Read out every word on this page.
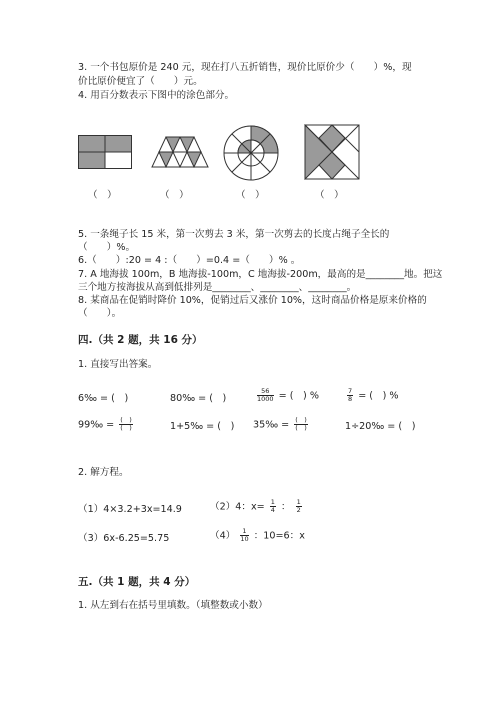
3. 一个书包原价是 240 元，现在打八五折销售，现价比原价少（　　）%，现
价比原价便宜了（　　）元。
4. 用百分数表示下图中的涂色部分。
（　）	（　）	（　）	（　）
5. 一条绳子长 15 米，第一次剪去 3 米，第一次剪去的长度占绳子全长的
（　　）%。
6.（　　）:20 = 4 :（　　）=0.4 =（　　）% 。
7. A 地海拔 100m，B 地海拔-100m，C 地海拔-200m，最高的是________地。把这
三个地方按海拔从高到低排列是________、________、________。
8. 某商品在促销时降价 10%，促销过后又涨价 10%，这时商品价格是原来价格的
（　　）。
四.（共 2 题，共 16 分）
1. 直接写出答案。
6‰ = (　)	80‰ = (　)	$\frac{56}{1000}$ = (　) %	$\frac{7}{8}$ = (　) %
99‰ = $\frac{( )}{( )}$	1+5‰ = (　) 35‰ = $\frac{( )}{( )}$	1÷20‰ = (　)
2. 解方程。
（1）4×3.2+3x=14.9	（2）4：$x= \frac{1}{4}$ ： $\frac{1}{2}$
（3）6x-6.25=5.75	$(4) \frac{1}{10}$ ：10=6：x
五.（共 1 题，共 4 分）
1. 从左到右在括号里填数。（填整数或小数）
